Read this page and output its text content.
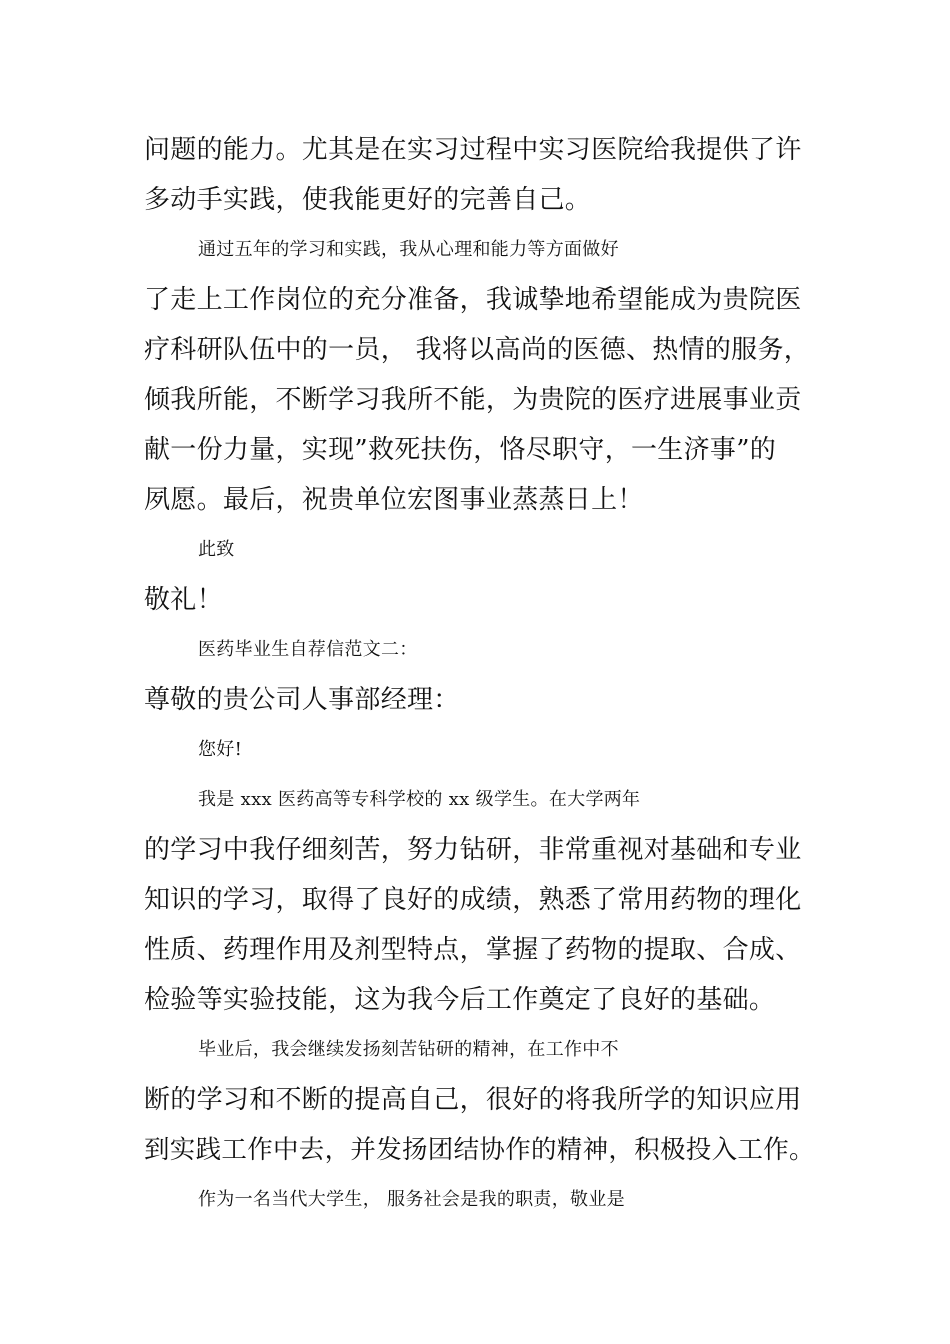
问题的能力。尤其是在实习过程中实习医院给我提供了许
多动手实践，使我能更好的完善自己。
通过五年的学习和实践，我从心理和能力等方面做好
了走上工作岗位的充分准备，我诚挚地希望能成为贵院医
疗科研队伍中的一员， 我将以高尚的医德、热情的服务，
倾我所能，不断学习我所不能，为贵院的医疗进展事业贡
献一份力量，实现”救死扶伤，恪尽职守，一生济事”的
夙愿。最后，祝贵单位宏图事业蒸蒸日上！
此致
敬礼！
医药毕业生自荐信范文二：
尊敬的贵公司人事部经理：
您好!
我是 xxx 医药高等专科学校的 xx 级学生。在大学两年
的学习中我仔细刻苦，努力钻研，非常重视对基础和专业
知识的学习，取得了良好的成绩，熟悉了常用药物的理化
性质、药理作用及剂型特点，掌握了药物的提取、合成、
检验等实验技能，这为我今后工作奠定了良好的基础。
毕业后，我会继续发扬刻苦钻研的精神，在工作中不
断的学习和不断的提高自己，很好的将我所学的知识应用
到实践工作中去，并发扬团结协作的精神，积极投入工作。
作为一名当代大学生， 服务社会是我的职责，敬业是
